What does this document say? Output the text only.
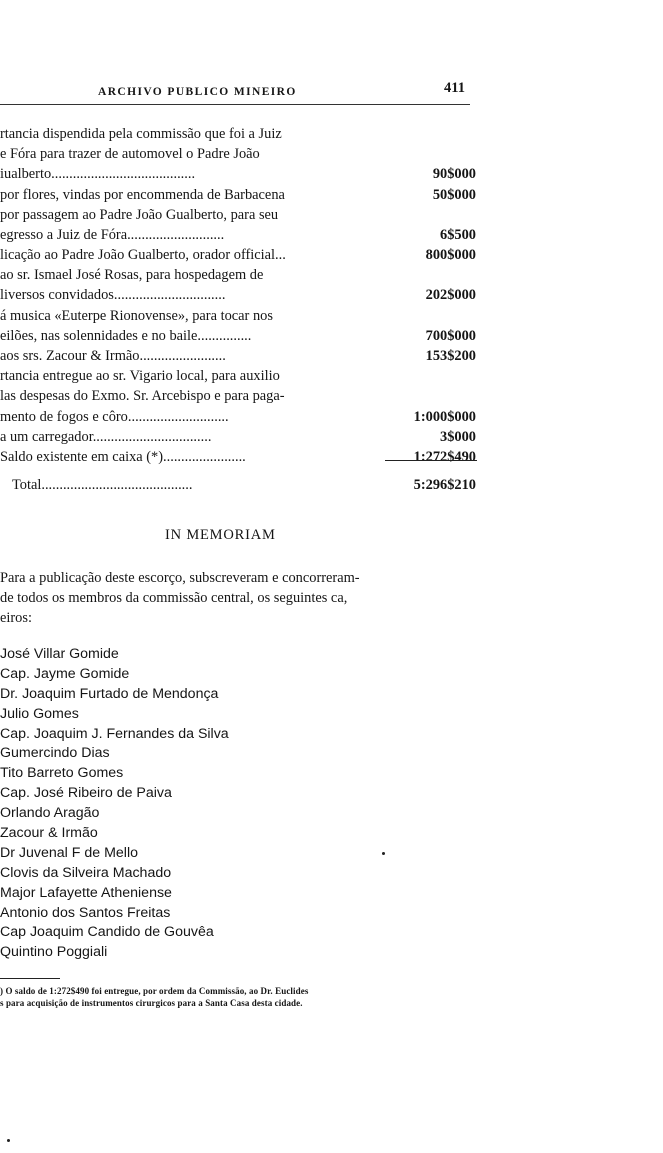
ARCHIVO PUBLICO MINEIRO	411
rtancia dispendida pela commissão que foi a Juiz
e Fóra para trazer de automovel o Padre João
iualberto........................................	90$000
por flores, vindas por encommenda de Barbacena	50$000
por passagem ao Padre João Gualberto, para seu
egresso a Juiz de Fóra...........................	6$500
licação ao Padre João Gualberto, orador official...	800$000
ao sr. Ismael José Rosas, para hospedagem de
liversos convidados...............................	202$000
á musica «Euterpe Rionovense», para tocar nos
eilões, nas solennidades e no baile...............	700$000
aos srs. Zacour & Irmão........................	153$200
rtancia entregue ao sr. Vigario local, para auxilio
las despesas do Exmo. Sr. Arcebispo e para paga-
mento de fogos e côro............................	1:000$000
a um carregador.................................	3$000
Saldo existente em caixa (*).......................	1:272$490
Total..........................................	5:296$210
IN MEMORIAM
Para a publicação deste escorço, subscreveram e concorreram-
de todos os membros da commissão central, os seguintes ca,
eiros:
José Villar Gomide
Cap. Jayme Gomide
Dr. Joaquim Furtado de Mendonça
Julio Gomes
Cap. Joaquim J. Fernandes da Silva
Gumercindo Dias
Tito Barreto Gomes
Cap. José Ribeiro de Paiva
Orlando Aragão
Zacour & Irmão
Dr Juvenal F de Mello
Clovis da Silveira Machado
Major Lafayette Atheniense
Antonio dos Santos Freitas
Cap Joaquim Candido de Gouvêa
Quintino Poggiali
) O saldo de 1:272$490 foi entregue, por ordem da Commissão, ao Dr. Euclides
s para acquisição de instrumentos cirurgicos para a Santa Casa desta cidade.
